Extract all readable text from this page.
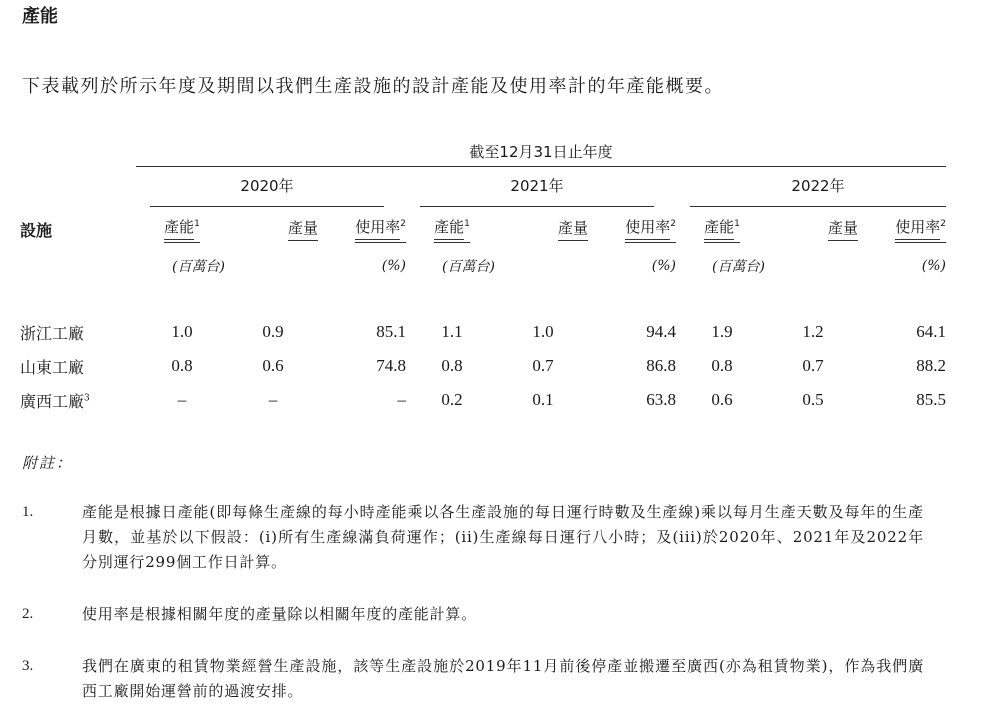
產能
下表載列於所示年度及期間以我們生產設施的設計產能及使用率計的年產能概要。
	截至12月31日止年度								

	2020年			2021年			2022年		

設施	產能$^1$	產量	使用率$^2$	產能$^1$	產量	使用率$^2$	產能$^1$	產量	使用率$^2$
	(百萬台)		(%)	(百萬台)		(%)	(百萬台)		(%)

浙江工廠	1.0	0.9	85.1	1.1	1.0	94.4	1.9	1.2	64.1
山東工廠	0.8	0.6	74.8	0.8	0.7	86.8	0.8	0.7	88.2
廣西工廠$^3$	–	–	–	0.2	0.1	63.8	0.6	0.5	85.5
附註：
1.	產能是根據日產能(即每條生產線的每小時產能乘以各生產設施的每日運行時數及生產線)乘以每月生產天數及每年的生產月數，並基於以下假設：(i)所有生產線滿負荷運作；(ii)生產線每日運行八小時；及(iii)於2020年、2021年及2022年分別運行299個工作日計算。
2.	使用率是根據相關年度的產量除以相關年度的產能計算。
3.	我們在廣東的租賃物業經營生產設施，該等生產設施於2019年11月前後停產並搬遷至廣西(亦為租賃物業)，作為我們廣西工廠開始運營前的過渡安排。
